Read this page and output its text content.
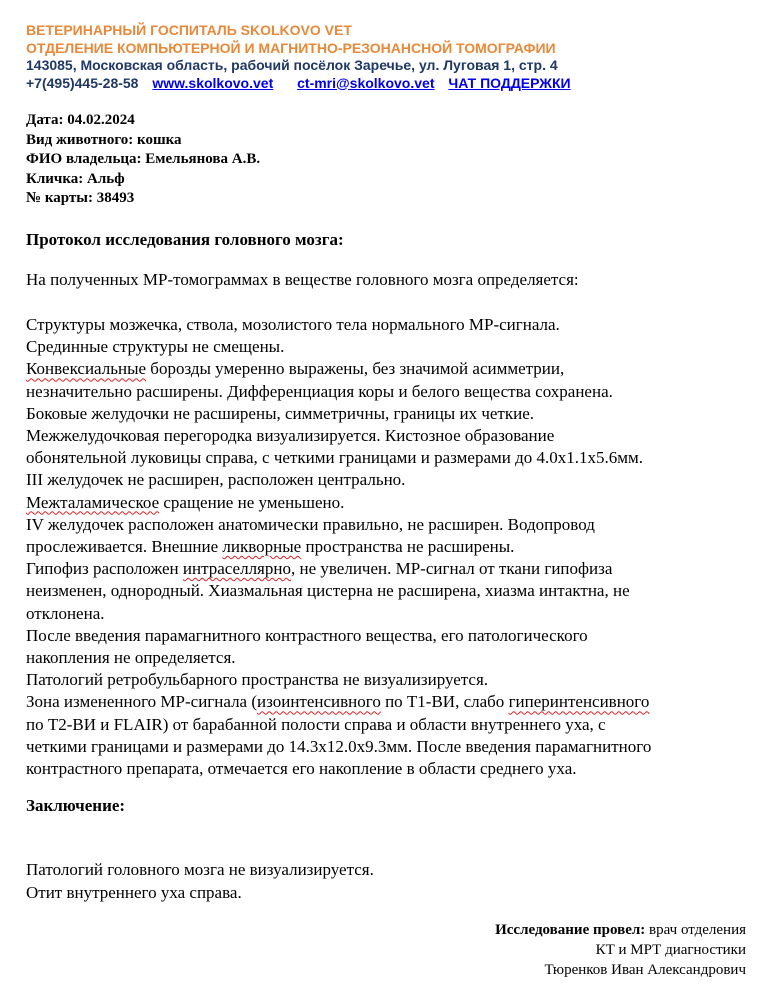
ВЕТЕРИНАРНЫЙ ГОСПИТАЛЬ SKOLKOVO VET
ОТДЕЛЕНИЕ КОМПЬЮТЕРНОЙ И МАГНИТНО-РЕЗОНАНСНОЙ ТОМОГРАФИИ
143085, Московская область, рабочий посёлок Заречье, ул. Луговая 1, стр. 4
+7(495)445-28-58 www.skolkovo.vet ct-mri@skolkovo.vet ЧАТ ПОДДЕРЖКИ
Дата: 04.02.2024
Вид животного: кошка
ФИО владельца: Емельянова А.В.
Кличка: Альф
№ карты: 38493
Протокол исследования головного мозга:
На полученных МР-томограммах в веществе головного мозга определяется:
Структуры мозжечка, ствола, мозолистого тела нормального МР-сигнала.
Срединные структуры не смещены.
Конвексиальные борозды умеренно выражены, без значимой асимметрии,
незначительно расширены. Дифференциация коры и белого вещества сохранена.
Боковые желудочки не расширены, симметричны, границы их четкие.
Межжелудочковая перегородка визуализируется. Кистозное образование
обонятельной луковицы справа, с четкими границами и размерами до 4.0x1.1x5.6мм.
III желудочек не расширен, расположен центрально.
Межталамическое сращение не уменьшено.
IV желудочек расположен анатомически правильно, не расширен. Водопровод
прослеживается. Внешние ликворные пространства не расширены.
Гипофиз расположен интраселлярно, не увеличен. МР-сигнал от ткани гипофиза
неизменен, однородный. Хиазмальная цистерна не расширена, хиазма интактна, не
отклонена.
После введения парамагнитного контрастного вещества, его патологического
накопления не определяется.
Патологий ретробульбарного пространства не визуализируется.
Зона измененного МР-сигнала (изоинтенсивного по Т1-ВИ, слабо гиперинтенсивного
по Т2-ВИ и FLAIR) от барабанной полости справа и области внутреннего уха, с
четкими границами и размерами до 14.3x12.0x9.3мм. После введения парамагнитного
контрастного препарата, отмечается его накопление в области среднего уха.
Заключение:
Патологий головного мозга не визуализируется.
Отит внутреннего уха справа.
Исследование провел: врач отделения
КТ и МРТ диагностики
Тюренков Иван Александрович
